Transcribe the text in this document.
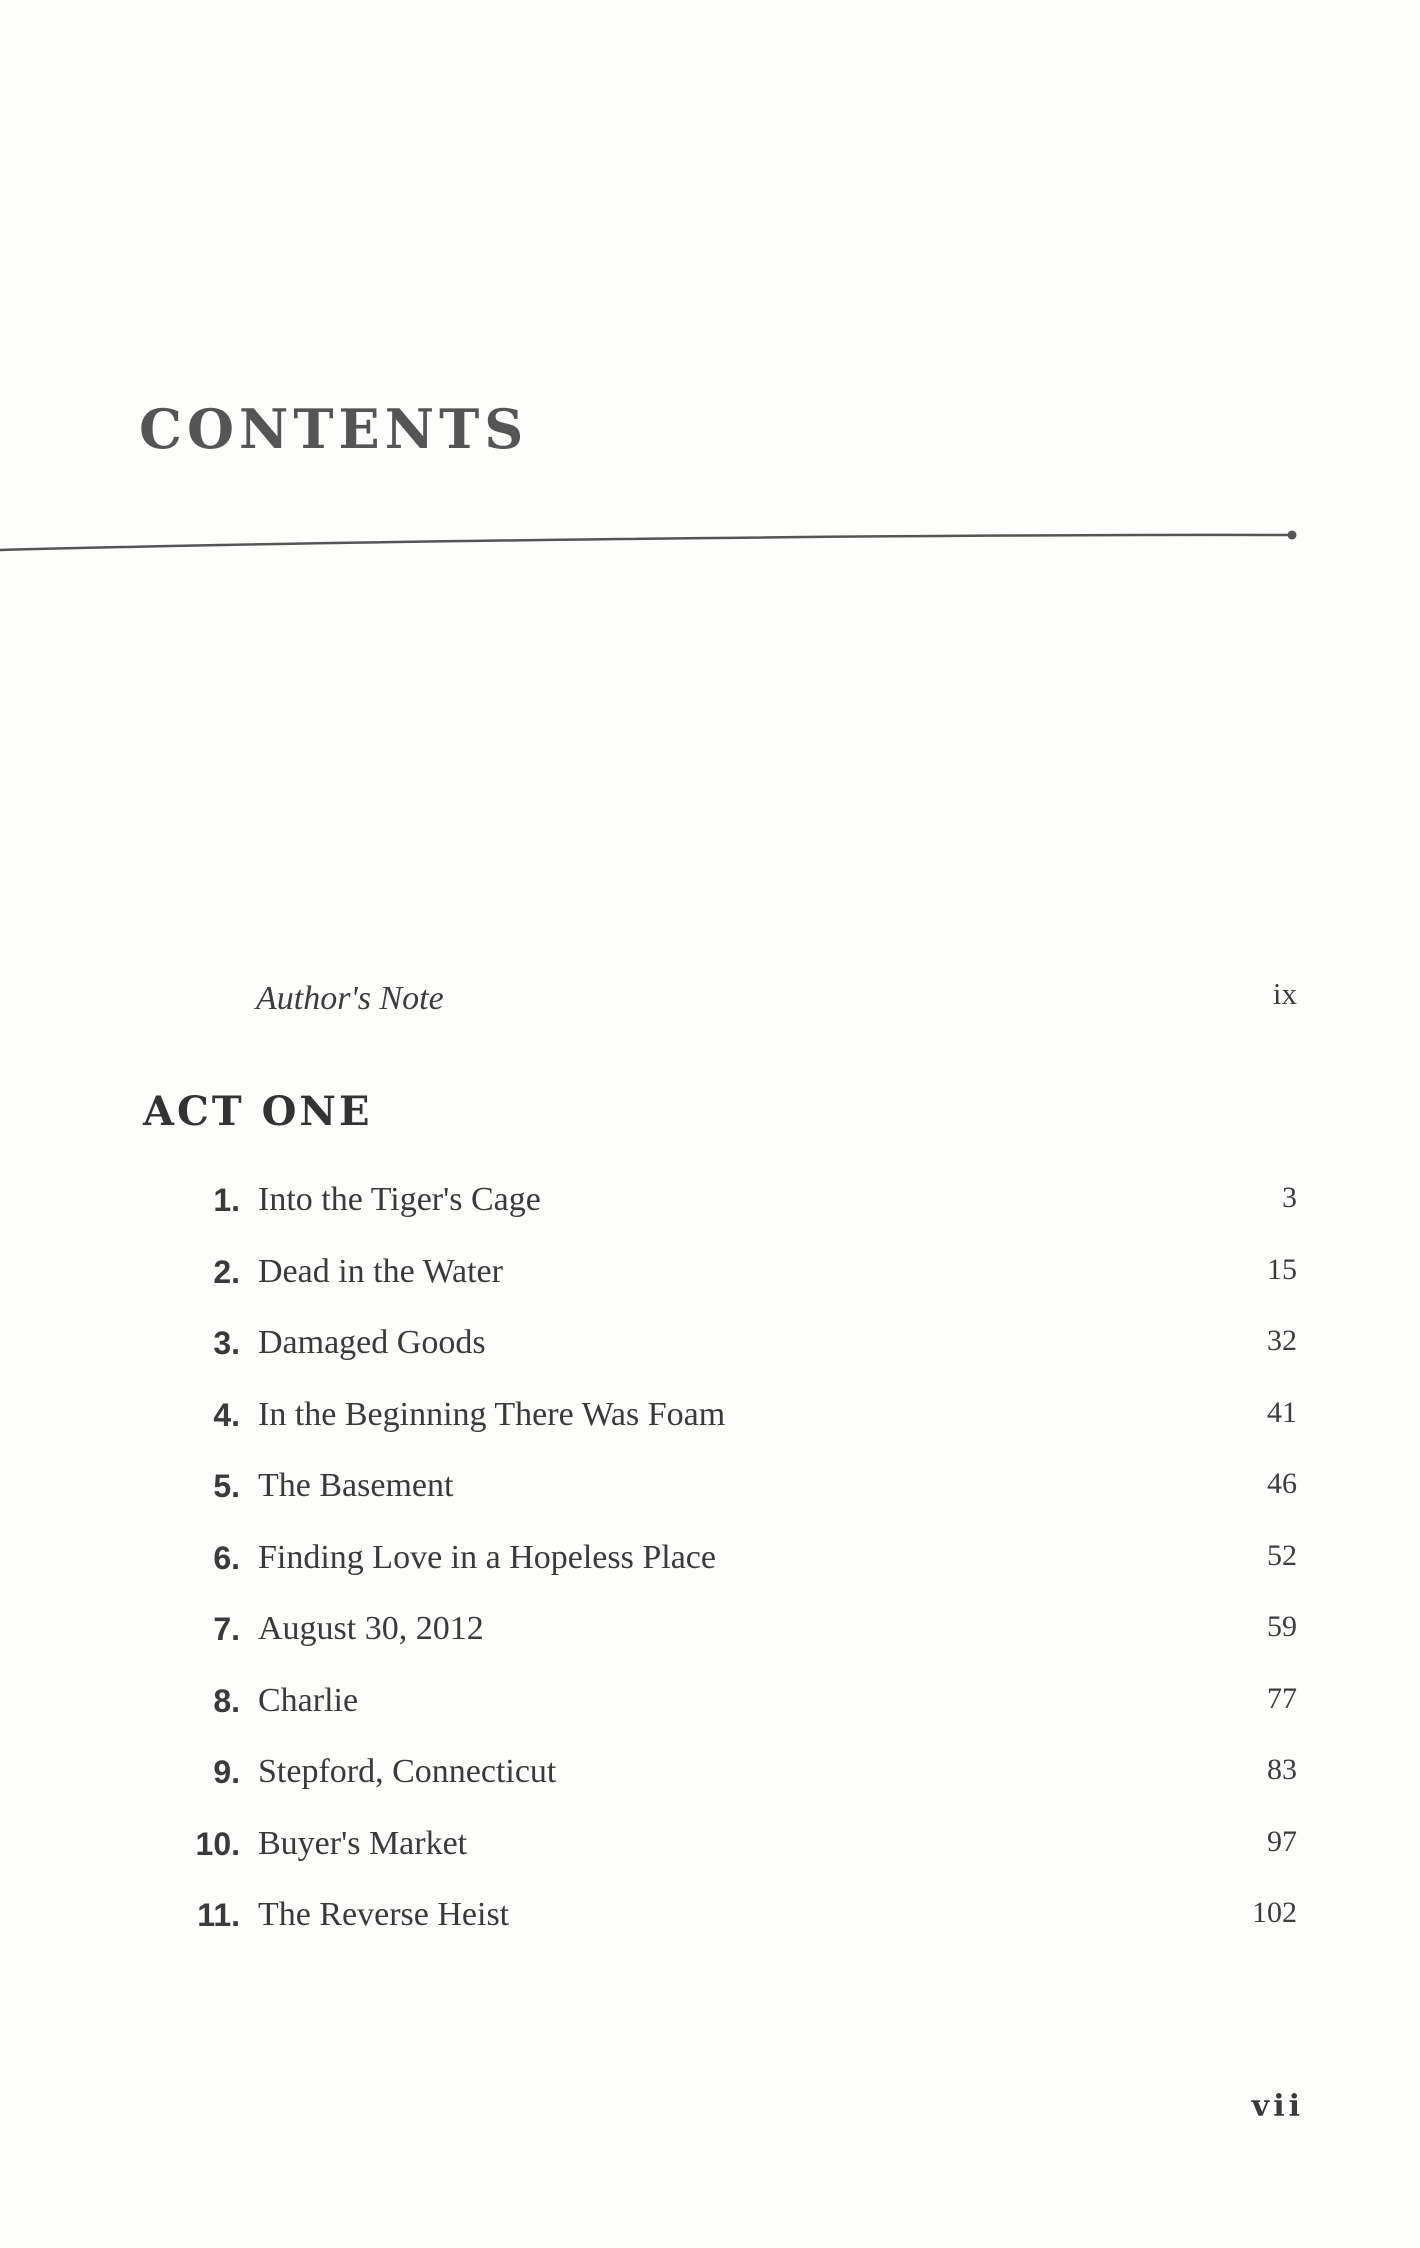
CONTENTS
Author's Note	ix
ACT ONE
1. Into the Tiger's Cage	3
2. Dead in the Water	15
3. Damaged Goods	32
4. In the Beginning There Was Foam	41
5. The Basement	46
6. Finding Love in a Hopeless Place	52
7. August 30, 2012	59
8. Charlie	77
9. Stepford, Connecticut	83
10. Buyer's Market	97
11. The Reverse Heist	102
vii
